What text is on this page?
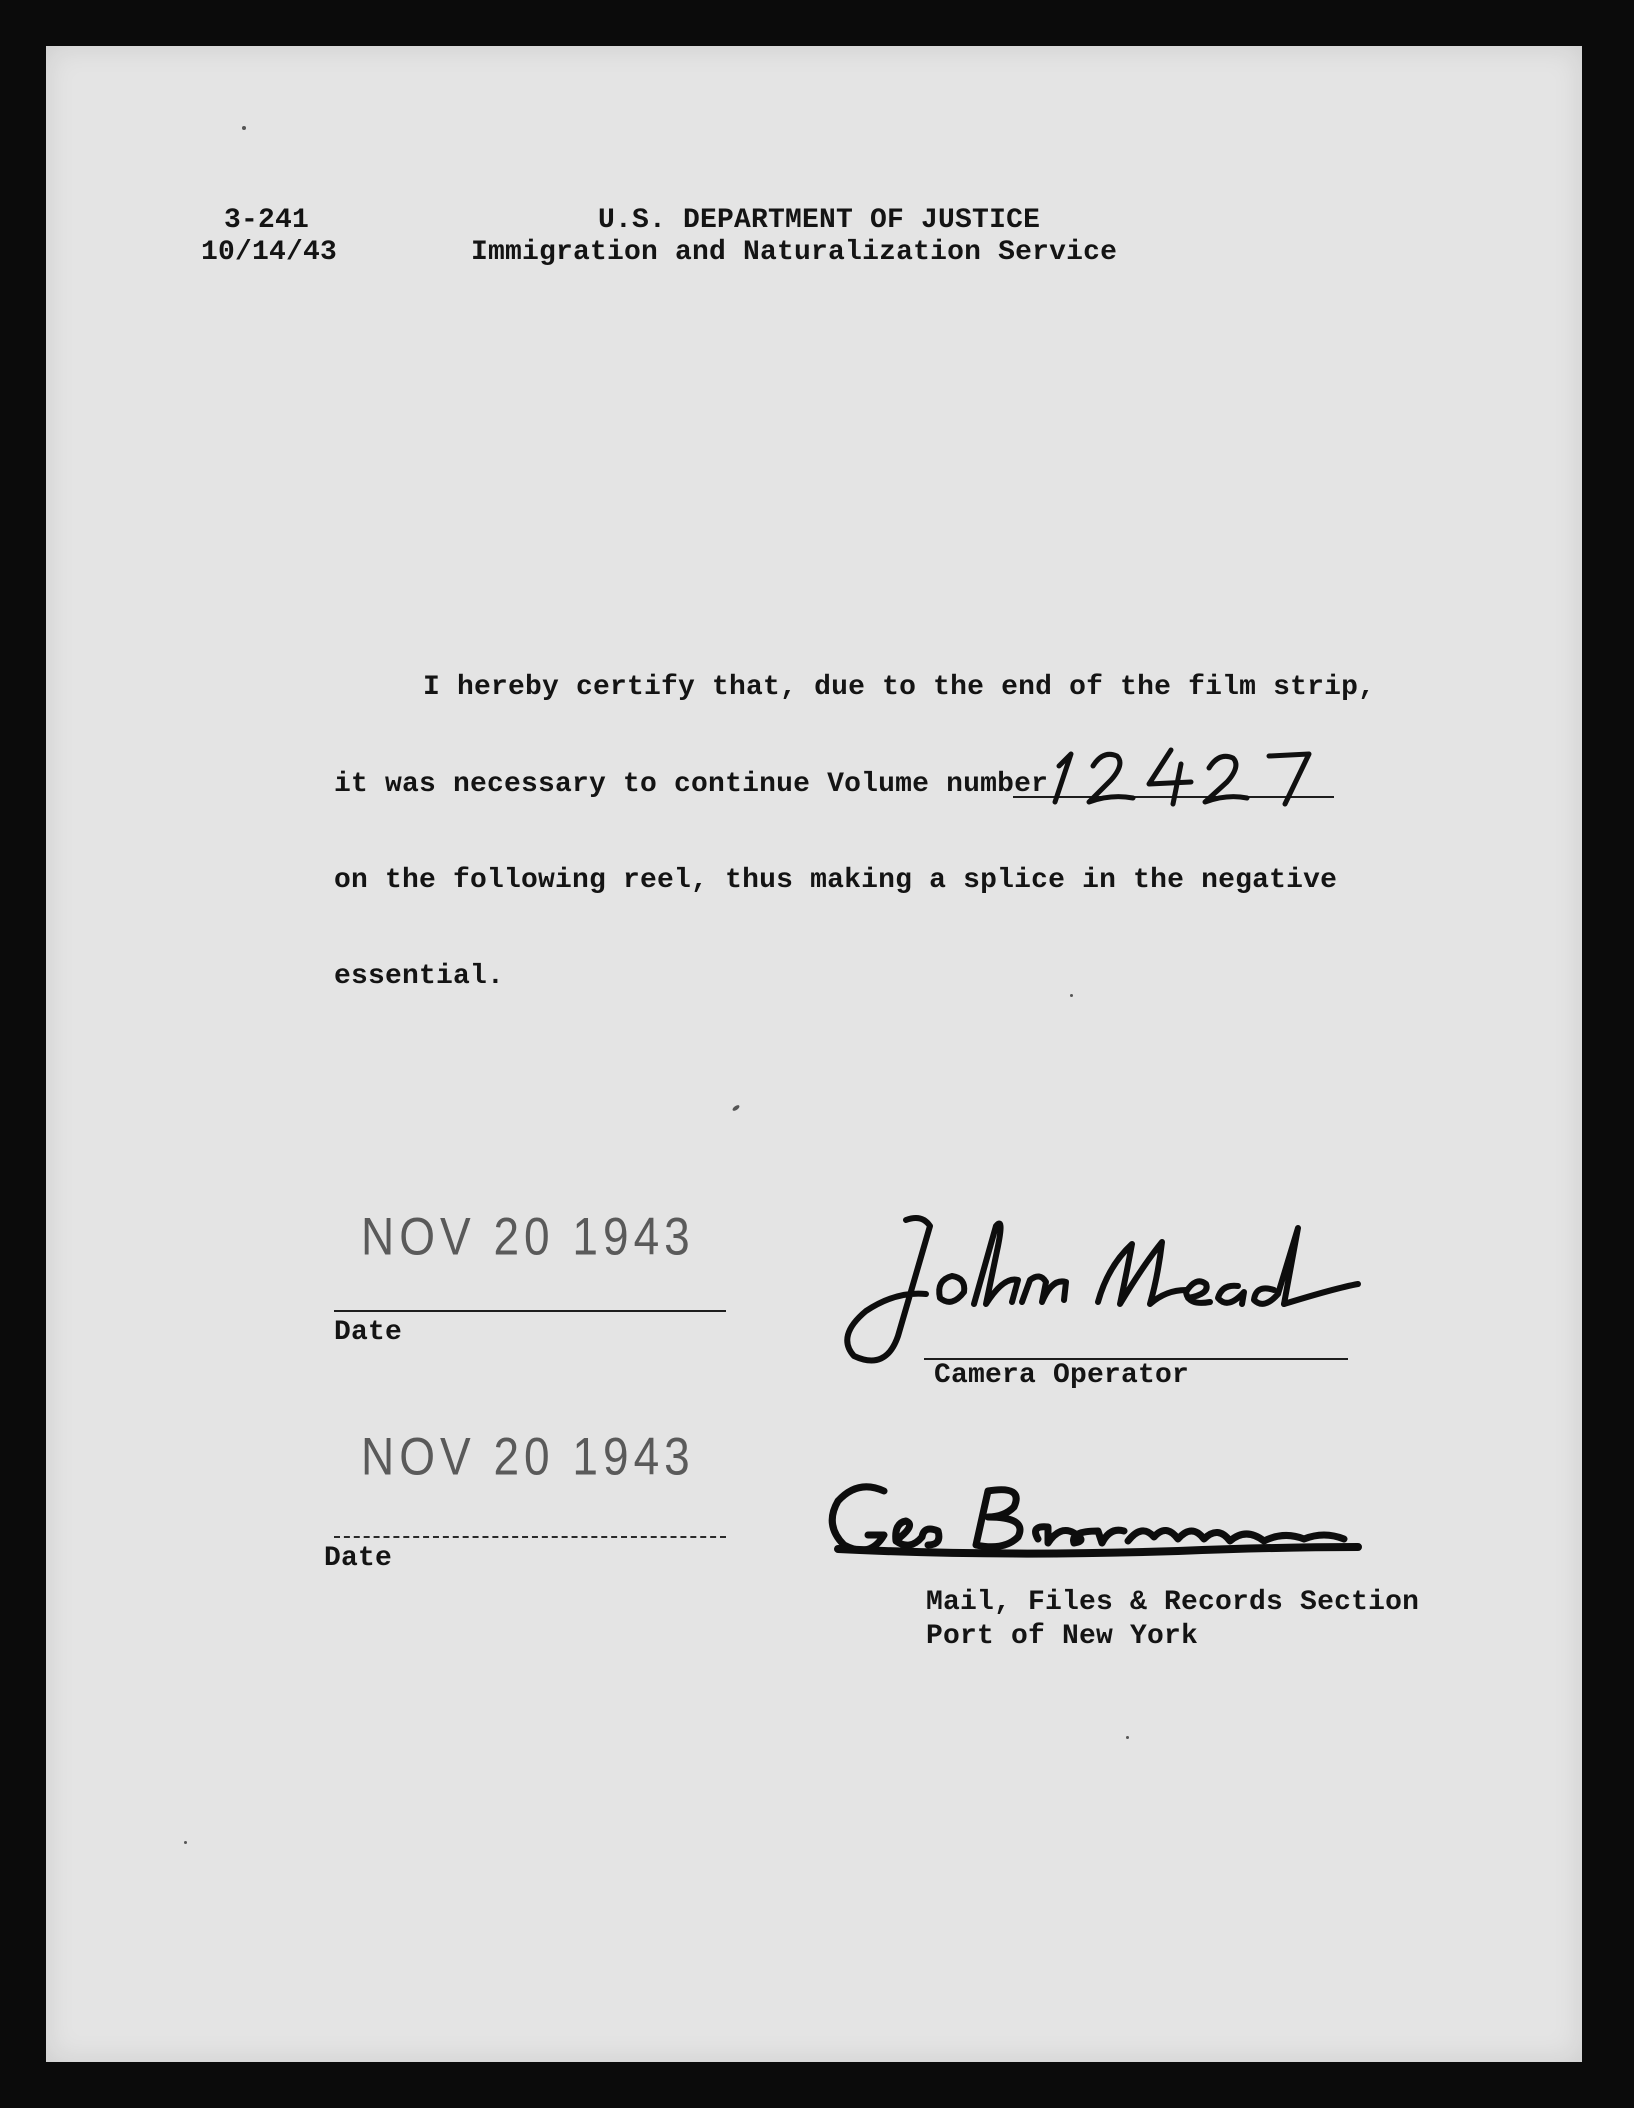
3-241

10/14/43

U.S. DEPARTMENT OF JUSTICE

Immigration and Naturalization Service

I hereby certify that, due to the end of the film strip,

it was necessary to continue Volume number

on the following reel, thus making a splice in the negative

essential.

NOV 20 1943

Date

Camera Operator

NOV 20 1943

Date

Mail, Files & Records Section

Port of New York
